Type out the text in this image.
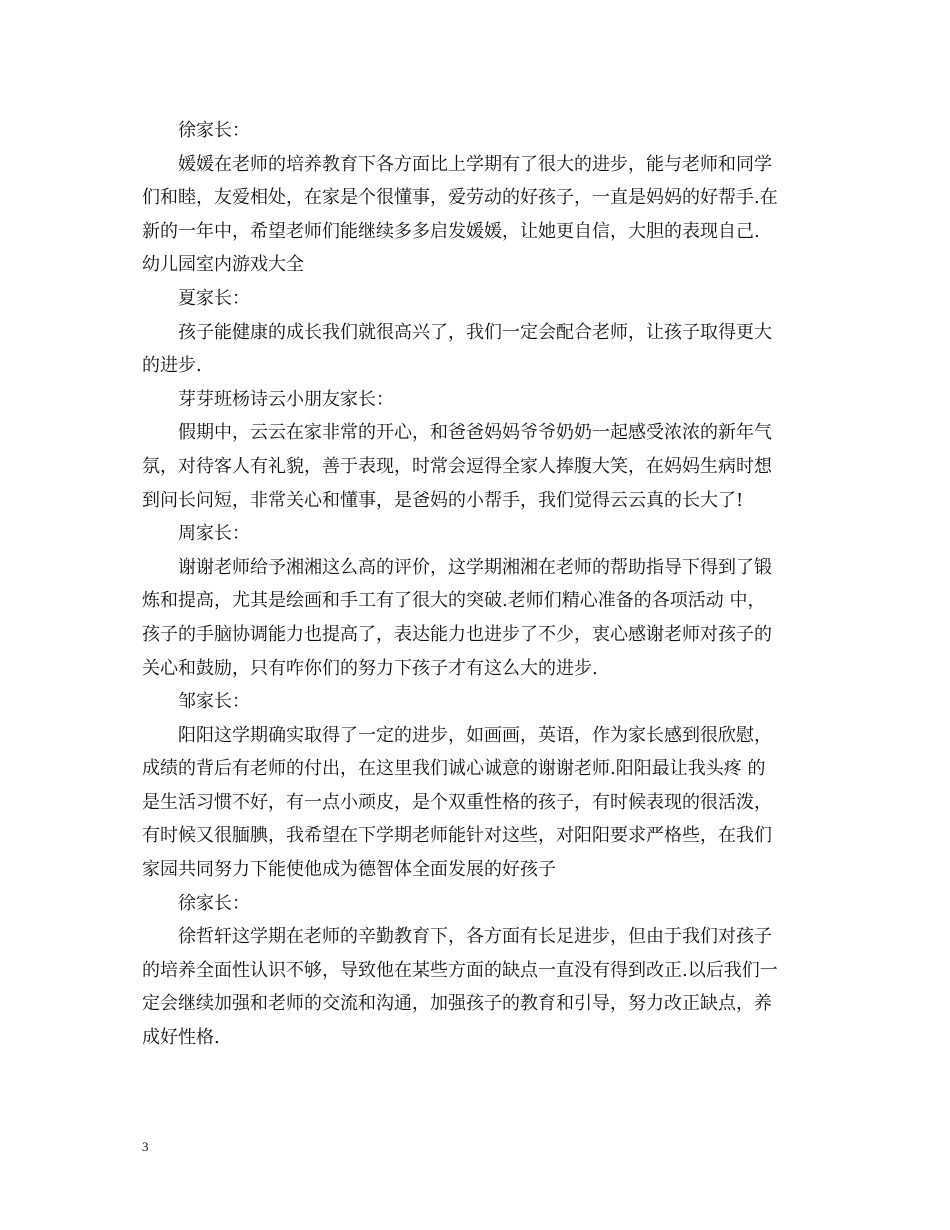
徐家长：

媛媛在老师的培养教育下各方面比上学期有了很大的进步，能与老师和同学

们和睦，友爱相处，在家是个很懂事，爱劳动的好孩子，一直是妈妈的好帮手.在

新的一年中，希望老师们能继续多多启发媛媛，让她更自信，大胆的表现自己.

幼儿园室内游戏大全

夏家长：

孩子能健康的成长我们就很高兴了，我们一定会配合老师，让孩子取得更大

的进步.

芽芽班杨诗云小朋友家长：

假期中，云云在家非常的开心，和爸爸妈妈爷爷奶奶一起感受浓浓的新年气

氛，对待客人有礼貌，善于表现，时常会逗得全家人捧腹大笑，在妈妈生病时想

到问长问短，非常关心和懂事，是爸妈的小帮手，我们觉得云云真的长大了!

周家长：

谢谢老师给予湘湘这么高的评价，这学期湘湘在老师的帮助指导下得到了锻

炼和提高，尤其是绘画和手工有了很大的突破.老师们精心准备的各项活动 中，

孩子的手脑协调能力也提高了，表达能力也进步了不少，衷心感谢老师对孩子的

关心和鼓励，只有咋你们的努力下孩子才有这么大的进步.

邹家长：

阳阳这学期确实取得了一定的进步，如画画，英语，作为家长感到很欣慰，

成绩的背后有老师的付出，在这里我们诚心诚意的谢谢老师.阳阳最让我头疼 的

是生活习惯不好，有一点小顽皮，是个双重性格的孩子，有时候表现的很活泼，

有时候又很腼腆，我希望在下学期老师能针对这些，对阳阳要求严格些，在我们

家园共同努力下能使他成为德智体全面发展的好孩子

徐家长：

徐哲轩这学期在老师的辛勤教育下，各方面有长足进步，但由于我们对孩子

的培养全面性认识不够，导致他在某些方面的缺点一直没有得到改正.以后我们一

定会继续加强和老师的交流和沟通，加强孩子的教育和引导，努力改正缺点，养

成好性格.

3
